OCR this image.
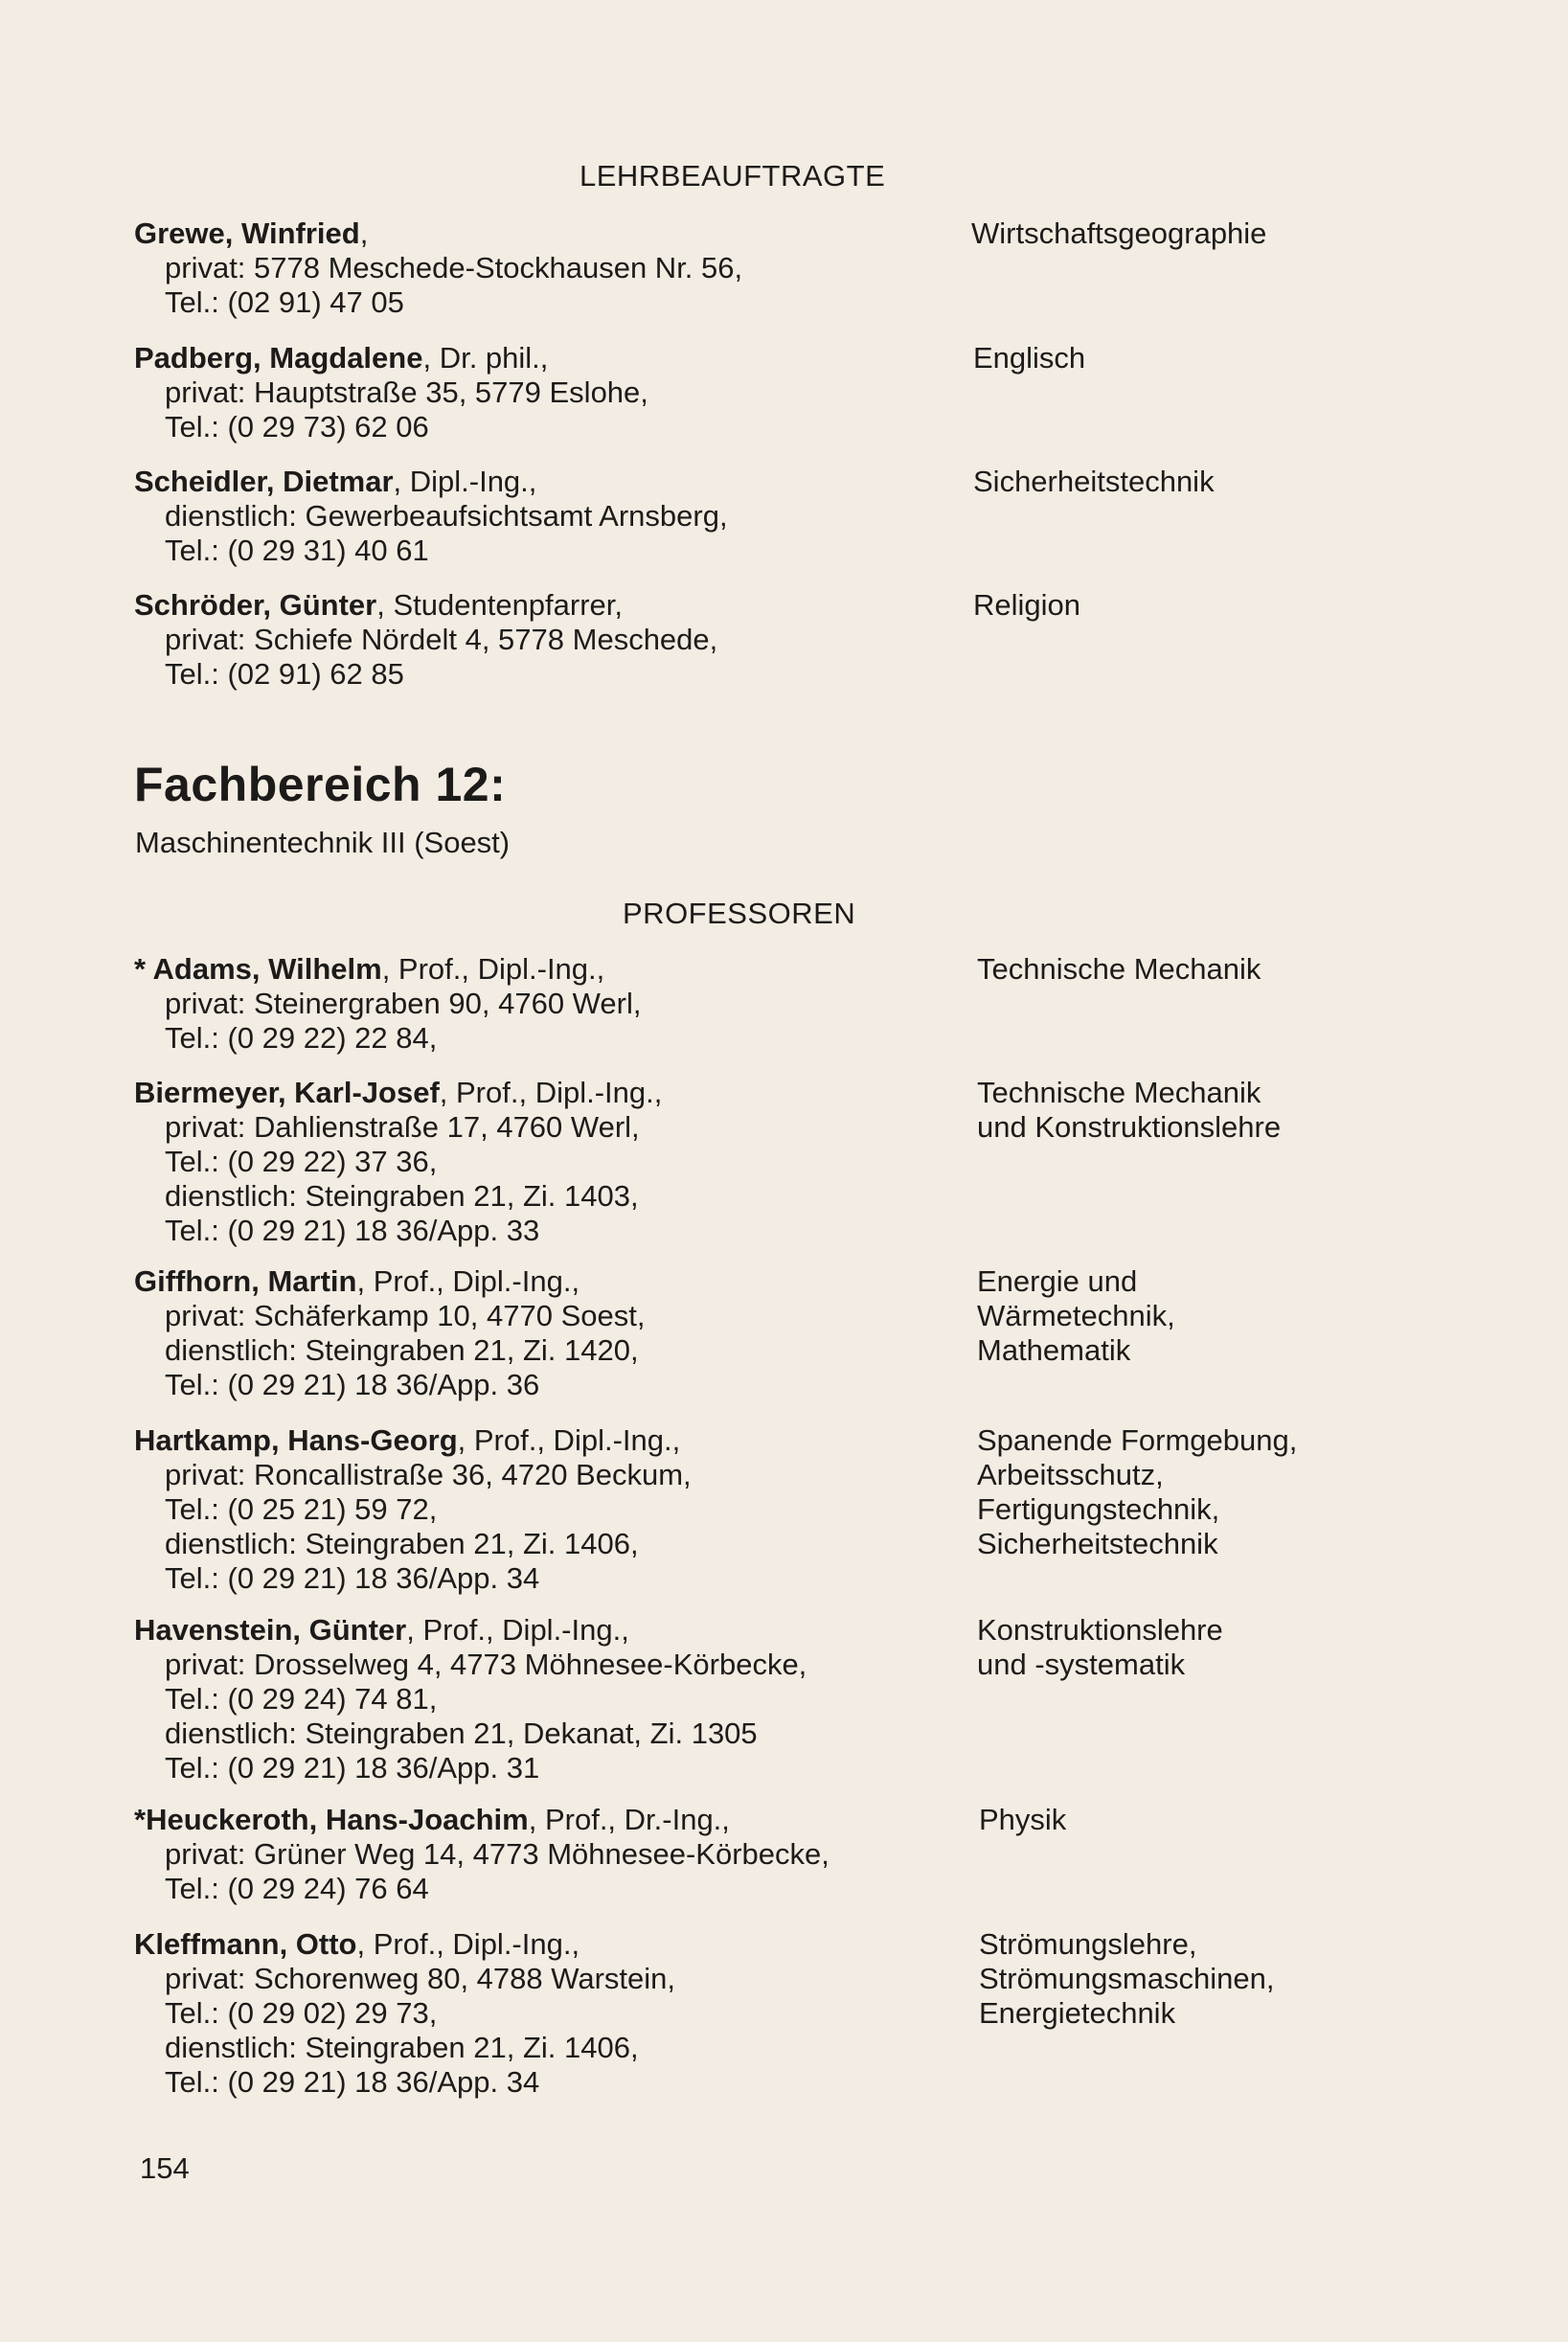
LEHRBEAUFTRAGTE
Grewe, Winfried,
privat: 5778 Meschede-Stockhausen Nr. 56,
Tel.: (02 91) 47 05
Wirtschaftsgeographie
Padberg, Magdalene, Dr. phil.,
privat: Hauptstraße 35, 5779 Eslohe,
Tel.: (0 29 73) 62 06
Englisch
Scheidler, Dietmar, Dipl.-Ing.,
dienstlich: Gewerbeaufsichtsamt Arnsberg,
Tel.: (0 29 31) 40 61
Sicherheitstechnik
Schröder, Günter, Studentenpfarrer,
privat: Schiefe Nördelt 4, 5778 Meschede,
Tel.: (02 91) 62 85
Religion
Fachbereich 12:
Maschinentechnik III (Soest)
PROFESSOREN
* Adams, Wilhelm, Prof., Dipl.-Ing.,
privat: Steinergraben 90, 4760 Werl,
Tel.: (0 29 22) 22 84,
Technische Mechanik
Biermeyer, Karl-Josef, Prof., Dipl.-Ing.,
privat: Dahlienstraße 17, 4760 Werl,
Tel.: (0 29 22) 37 36,
dienstlich: Steingraben 21, Zi. 1403,
Tel.: (0 29 21) 18 36/App. 33
Technische Mechanik
und Konstruktionslehre
Giffhorn, Martin, Prof., Dipl.-Ing.,
privat: Schäferkamp 10, 4770 Soest,
dienstlich: Steingraben 21, Zi. 1420,
Tel.: (0 29 21) 18 36/App. 36
Energie und
Wärmetechnik,
Mathematik
Hartkamp, Hans-Georg, Prof., Dipl.-Ing.,
privat: Roncallistraße 36, 4720 Beckum,
Tel.: (0 25 21) 59 72,
dienstlich: Steingraben 21, Zi. 1406,
Tel.: (0 29 21) 18 36/App. 34
Spanende Formgebung,
Arbeitsschutz,
Fertigungstechnik,
Sicherheitstechnik
Havenstein, Günter, Prof., Dipl.-Ing.,
privat: Drosselweg 4, 4773 Möhnesee-Körbecke,
Tel.: (0 29 24) 74 81,
dienstlich: Steingraben 21, Dekanat, Zi. 1305
Tel.: (0 29 21) 18 36/App. 31
Konstruktionslehre
und -systematik
*Heuckeroth, Hans-Joachim, Prof., Dr.-Ing.,
privat: Grüner Weg 14, 4773 Möhnesee-Körbecke,
Tel.: (0 29 24) 76 64
Physik
Kleffmann, Otto, Prof., Dipl.-Ing.,
privat: Schorenweg 80, 4788 Warstein,
Tel.: (0 29 02) 29 73,
dienstlich: Steingraben 21, Zi. 1406,
Tel.: (0 29 21) 18 36/App. 34
Strömungslehre,
Strömungsmaschinen,
Energietechnik
154
